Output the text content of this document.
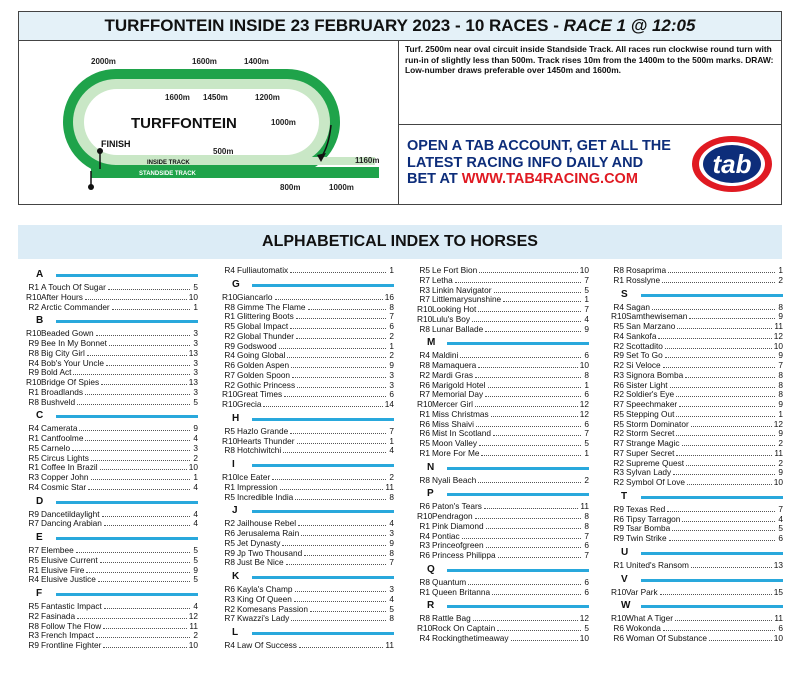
TURFFONTEIN INSIDE 23 FEBRUARY 2023 - 10 RACES - RACE 1 @ 12:05
2000m	1600m	1400m
1600m 1450m	1200m
1000m
500m
1160m
800m	1000m
TURFFONTEIN
FINISH
INSIDE TRACK
STANDSIDE TRACK
Turf. 2500m near oval circuit inside Standside Track. All races run clockwise round turn with run-in of slightly less than 500m. Track rises 10m from the 1400m to the 500m marks. DRAW: Low-number draws preferable over 1450m and 1600m.
OPEN A TAB ACCOUNT, GET ALL THE
LATEST RACING INFO DAILY AND
BET AT WWW.TAB4RACING.COM	tab
ALPHABETICAL INDEX TO HORSES
A
R1 A Touch Of Sugar	5
R10 After Hours	10
R2 Arctic Commander	1
B
R10 Beaded Gown	3
R9 Bee In My Bonnet	3
R8 Big City Girl	13
R4 Bob's Your Uncle	3
R9 Bold Act	3
R10 Bridge Of Spies	13
R1 Broadlands	3
R8 Bushveld	5
C
R4 Camerata	9
R1 Cantfoolme	4
R5 Carnelo	3
R5 Circus Lights	2
R1 Coffee In Brazil	10
R3 Copper John	1
R4 Cosmic Star	4
D
R9 Dancetildaylight	4
R7 Dancing Arabian	4
E
R7 Elembee	5
R5 Elusive Current	5
R1 Elusive Fire	9
R4 Elusive Justice	5
F
R5 Fantastic Impact	4
R2 Fasinada	12
R8 Follow The Flow	11
R3 French Impact	2
R9 Frontline Fighter	10
R4 Fulliautomatix	1
G
R10 Giancarlo	16
R8 Gimme The Flame	8
R1 Glittering Boots	7
R5 Global Impact	6
R2 Global Thunder	2
R9 Godswood	1
R4 Going Global	2
R6 Golden Aspen	9
R7 Golden Spoon	3
R2 Gothic Princess	3
R10 Great Times	6
R10 Grecia	14
H
R5 Hazlo Grande	7
R10 Hearts Thunder	1
R8 Hotchiwitchi	4
I
R10 Ice Eater	2
R1 Impression	11
R5 Incredible India	8
J
R2 Jailhouse Rebel	4
R6 Jerusalema Rain	3
R5 Jet Dynasty	9
R9 Jp Two Thousand	8
R8 Just Be Nice	7
K
R6 Kayla's Champ	3
R3 King Of Queen	4
R2 Komesans Passion	5
R7 Kwazzi's Lady	8
L
R4 Law Of Success	11
R5 Le Fort Bion	10
R7 Letha	7
R3 Linkin Navigator	5
R7 Littlemarysunshine	1
R10 Looking Hot	7
R10 Lulu's Boy	4
R8 Lunar Ballade	9
M
R4 Maldini	6
R8 Mamaquera	10
R2 Mardi Gras	8
R6 Marigold Hotel	1
R7 Memorial Day	6
R10 Mercer Girl	12
R1 Miss Christmas	12
R6 Miss Shaivi	6
R6 Mist In Scotland	7
R5 Moon Valley	5
R1 More For Me	1
N
R8 Nyali Beach	2
P
R6 Paton's Tears	11
R10 Pendragon	8
R1 Pink Diamond	8
R4 Pontiac	7
R3 Princeofgreen	6
R6 Princess Philippa	7
Q
R8 Quantum	6
R1 Queen Britanna	6
R
R8 Rattle Bag	12
R10 Rock On Captain	5
R4 Rockingthetimeaway	10
R8 Rosaprima	1
R1 Rosslyne	2
S
R4 Sagan	8
R10 Samthewiseman	9
R5 San Marzano	11
R4 Sankofa	12
R2 Scottadito	10
R9 Set To Go	9
R2 Si Veloce	7
R3 Signora Bomba	8
R6 Sister Light	8
R2 Soldier's Eye	8
R7 Speechmaker	9
R5 Stepping Out	1
R5 Storm Dominator	12
R2 Storm Secret	9
R7 Strange Magic	2
R7 Super Secret	11
R2 Supreme Quest	2
R3 Sylvan Lady	9
R2 Symbol Of Love	10
T
R9 Texas Red	7
R6 Tipsy Tarragon	4
R9 Tsar Bomba	5
R9 Twin Strike	6
U
R1 United's Ransom	13
V
R10 Var Park	15
W
R10 What A Tiger	11
R6 Wokonda	6
R6 Woman Of Substance	10
